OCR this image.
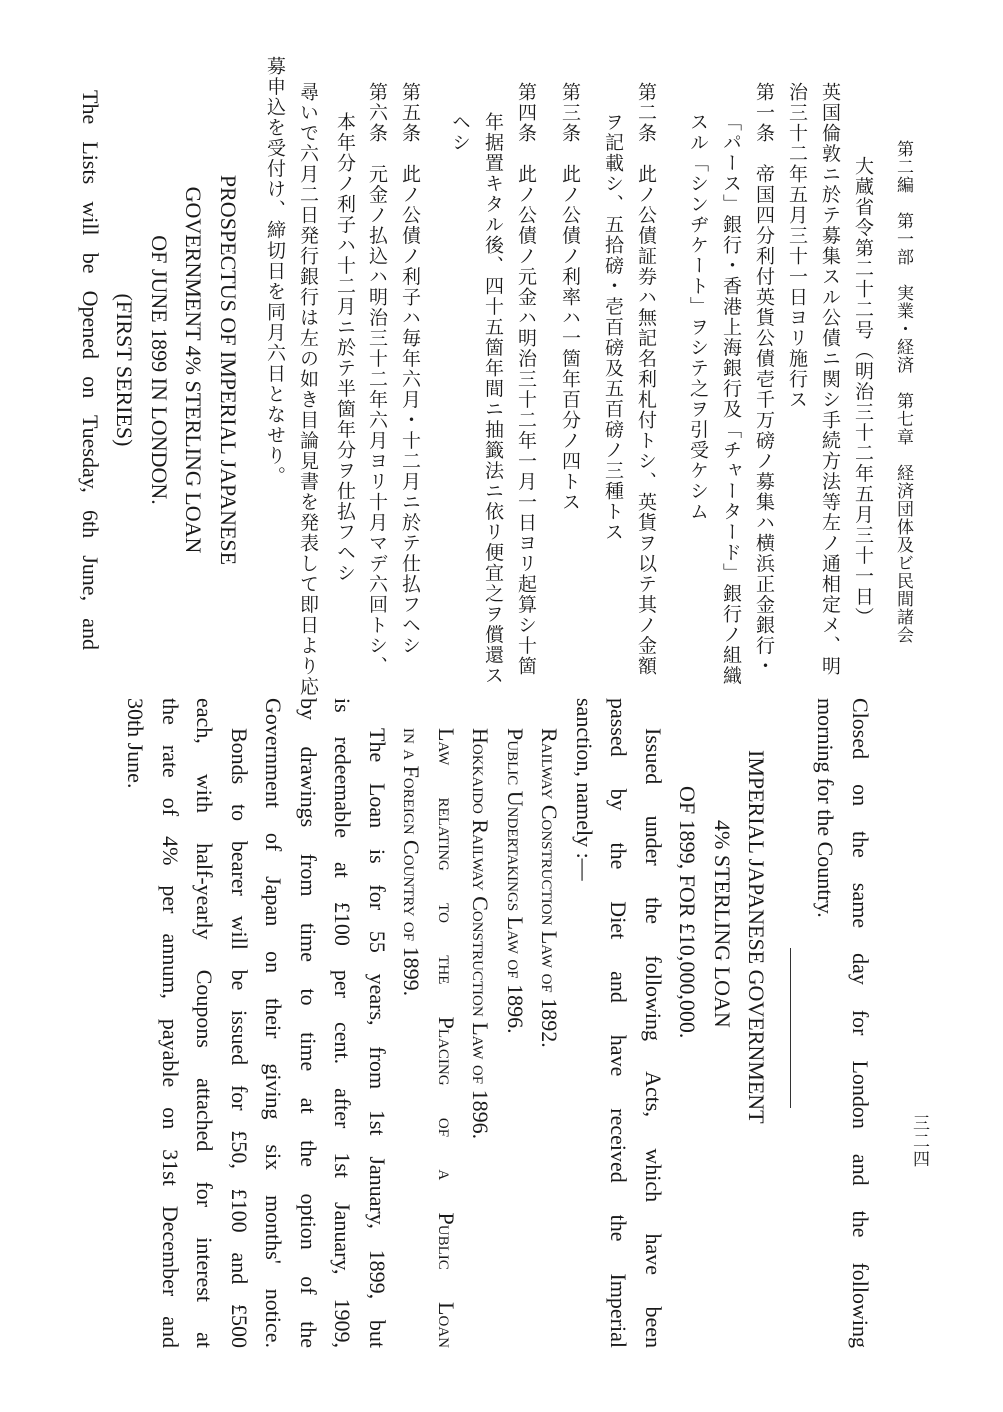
第二編　第一部　実業・経済　第七章　経済団体及ビ民間諸会
大蔵省令第二十二号（明治三十二年五月三十一日）
英国倫敦ニ於テ募集スル公債ニ関シ手続方法等左ノ通相定メ、明
治三十二年五月三十一日ヨリ施行ス
第一条　帝国四分利付英貨公債壱千万磅ノ募集ハ横浜正金銀行・
「パース」銀行・香港上海銀行及「チャータード」銀行ノ組織
スル「シンヂケート」ヲシテ之ヲ引受ケシム
第二条　此ノ公債証券ハ無記名利札付トシ、英貨ヲ以テ其ノ金額
ヲ記載シ、五拾磅・壱百磅及五百磅ノ三種トス
第三条　此ノ公債ノ利率ハ一箇年百分ノ四トス
第四条　此ノ公債ノ元金ハ明治三十二年一月一日ヨリ起算シ十箇
年据置キタル後、四十五箇年間ニ抽籤法ニ依リ便宜之ヲ償還ス
ヘシ
第五条　此ノ公債ノ利子ハ毎年六月・十二月ニ於テ仕払フヘシ
第六条　元金ノ払込ハ明治三十二年六月ヨリ十月マデ六回トシ、
本年分ノ利子ハ十二月ニ於テ半箇年分ヲ仕払フヘシ
尋いで六月二日発行銀行は左の如き目論見書を発表して即日より応
募申込を受付け、締切日を同月六日となせり。
PROSPECTUS OF IMPERIAL JAPANESE
GOVERNMENT 4% STERLING LOAN
OF JUNE 1899 IN LONDON.
(FIRST SERIES)
The Lists will be Opened on Tuesday, 6th June, and
Closed on the same day for London and the following
morning for the Country.
IMPERIAL JAPANESE GOVERNMENT
4% STERLING LOAN
OF 1899, FOR £10,000,000.
Issued under the following Acts, which have been
passed by the Diet and have received the Imperial
sanction, namely :—
Railway Construction Law of 1892.
Public Undertakings Law of 1896.
Hokkaido Railway Construction Law of 1896.
Law relating to the Placing of a Public Loan
in a Foreign Country of 1899.
The Loan is for 55 years, from 1st January, 1899, but
is redeemable at £100 per cent. after 1st January, 1909,
by drawings from time to time at the option of the
Government of Japan on their giving six months' notice.
Bonds to bearer will be issued for £50, £100 and £500
each, with half-yearly Coupons attached for interest at
the rate of 4% per annum, payable on 31st December and
30th June.
三二四
